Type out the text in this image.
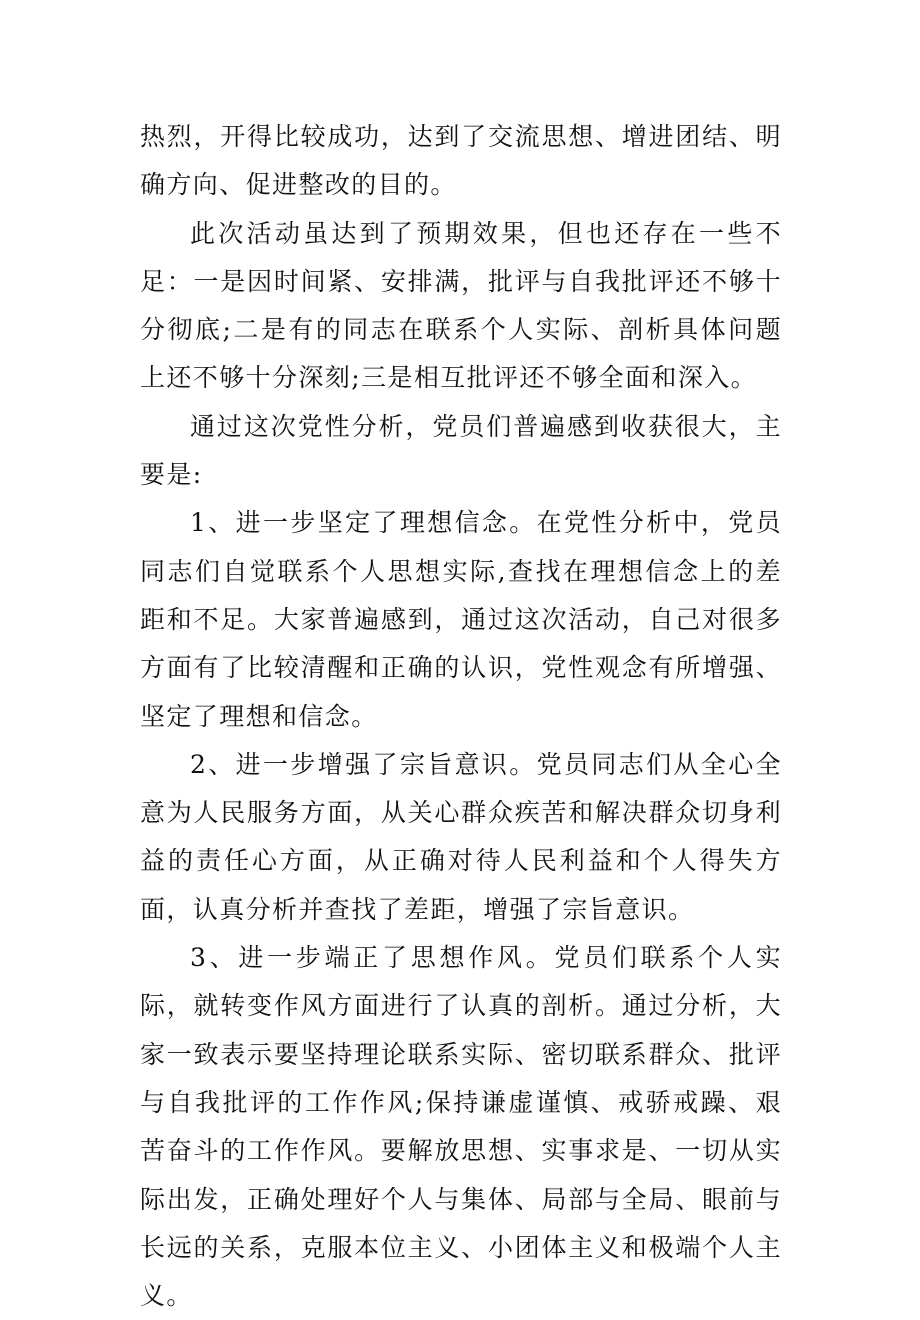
热烈，开得比较成功，达到了交流思想、增进团结、明确方向、促进整改的目的。

此次活动虽达到了预期效果，但也还存在一些不足：一是因时间紧、安排满，批评与自我批评还不够十分彻底;二是有的同志在联系个人实际、剖析具体问题上还不够十分深刻;三是相互批评还不够全面和深入。

通过这次党性分析，党员们普遍感到收获很大，主要是:

1、进一步坚定了理想信念。在党性分析中，党员同志们自觉联系个人思想实际,查找在理想信念上的差距和不足。大家普遍感到，通过这次活动，自己对很多方面有了比较清醒和正确的认识，党性观念有所增强、坚定了理想和信念。

2、进一步增强了宗旨意识。党员同志们从全心全意为人民服务方面，从关心群众疾苦和解决群众切身利益的责任心方面，从正确对待人民利益和个人得失方面，认真分析并查找了差距，增强了宗旨意识。

3、进一步端正了思想作风。党员们联系个人实际，就转变作风方面进行了认真的剖析。通过分析，大家一致表示要坚持理论联系实际、密切联系群众、批评与自我批评的工作作风;保持谦虚谨慎、戒骄戒躁、艰苦奋斗的工作作风。要解放思想、实事求是、一切从实际出发，正确处理好个人与集体、局部与全局、眼前与长远的关系，克服本位主义、小团体主义和极端个人主义。
